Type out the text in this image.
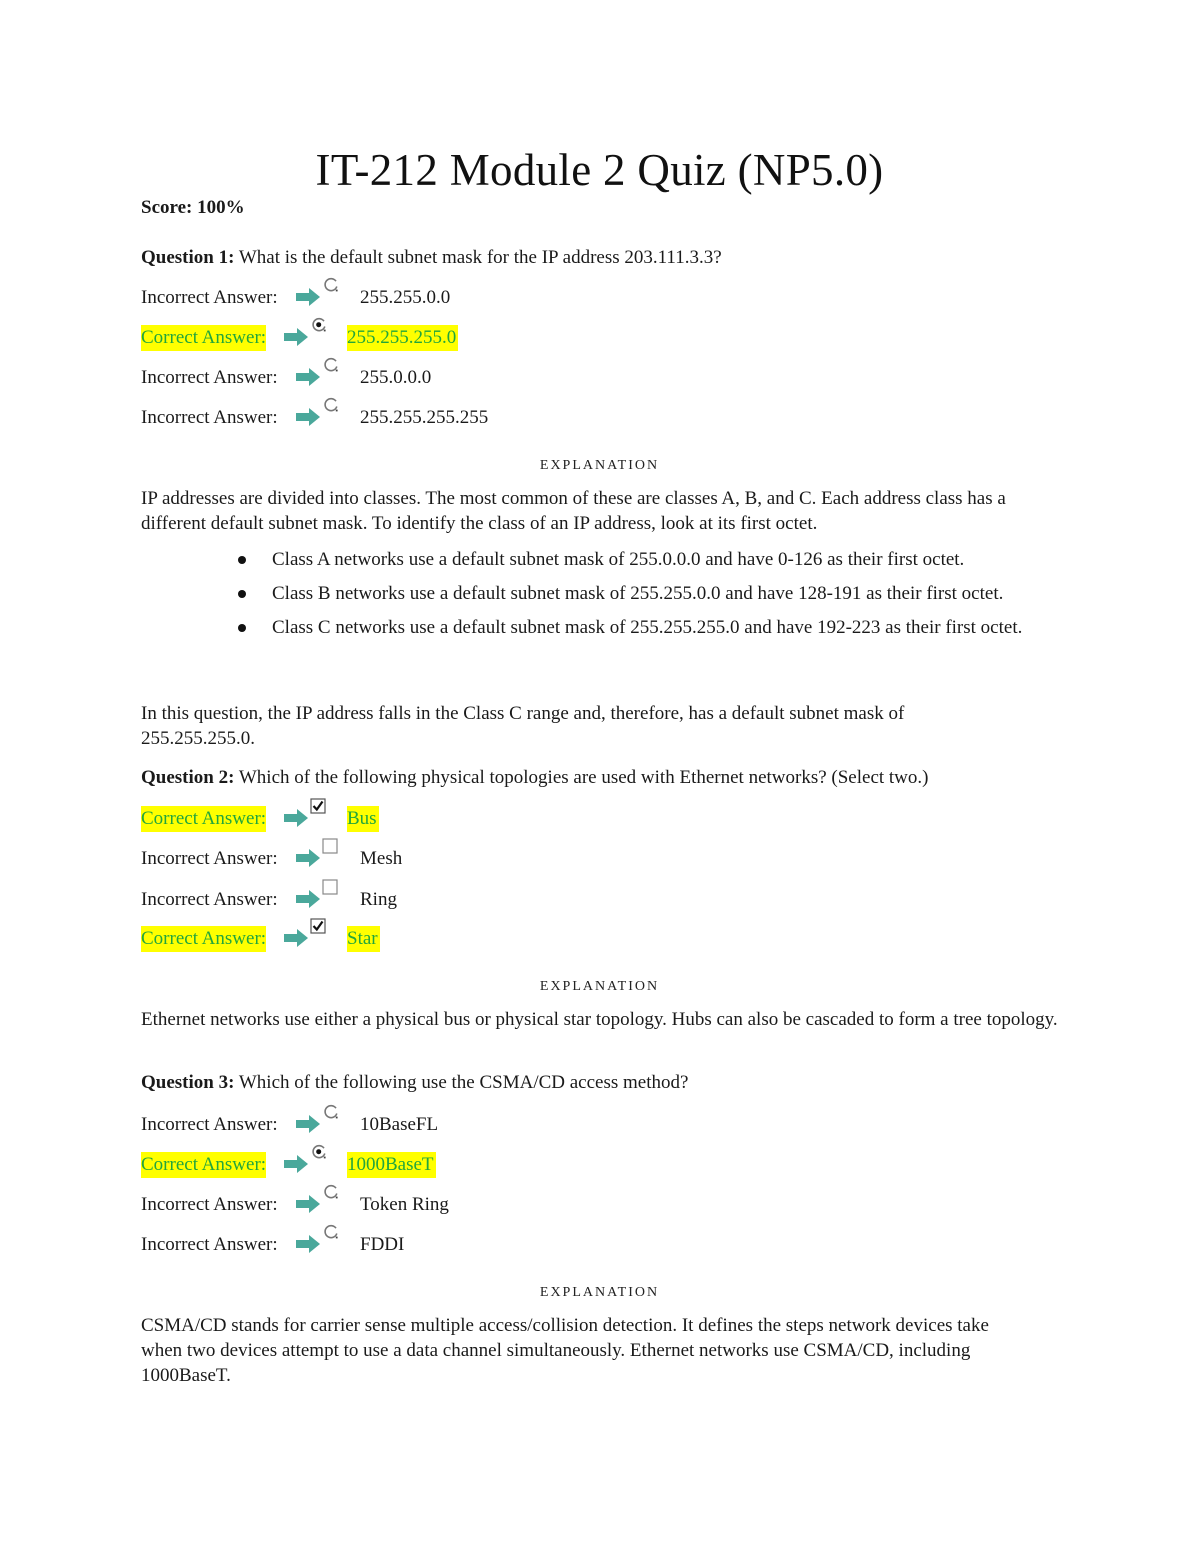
IT-212 Module 2 Quiz (NP5.0)
Score: 100%
Question 1: What is the default subnet mask for the IP address 203.111.3.3?
Incorrect Answer:	255.255.0.0
Correct Answer:	255.255.255.0
Incorrect Answer:	255.0.0.0
Incorrect Answer:	255.255.255.255
EXPLANATION
IP addresses are divided into classes. The most common of these are classes A, B, and C. Each address class has a different default subnet mask. To identify the class of an IP address, look at its first octet.
Class A networks use a default subnet mask of 255.0.0.0 and have 0-126 as their first octet.
Class B networks use a default subnet mask of 255.255.0.0 and have 128-191 as their first octet.
Class C networks use a default subnet mask of 255.255.255.0 and have 192-223 as their first octet.
In this question, the IP address falls in the Class C range and, therefore, has a default subnet mask of 255.255.255.0.
Question 2: Which of the following physical topologies are used with Ethernet networks? (Select two.)
Correct Answer:	Bus
Incorrect Answer:	Mesh
Incorrect Answer:	Ring
Correct Answer:	Star
EXPLANATION
Ethernet networks use either a physical bus or physical star topology. Hubs can also be cascaded to form a tree topology.
Question 3: Which of the following use the CSMA/CD access method?
Incorrect Answer:	10BaseFL
Correct Answer:	1000BaseT
Incorrect Answer:	Token Ring
Incorrect Answer:	FDDI
EXPLANATION
CSMA/CD stands for carrier sense multiple access/collision detection. It defines the steps network devices take when two devices attempt to use a data channel simultaneously. Ethernet networks use CSMA/CD, including 1000BaseT.
